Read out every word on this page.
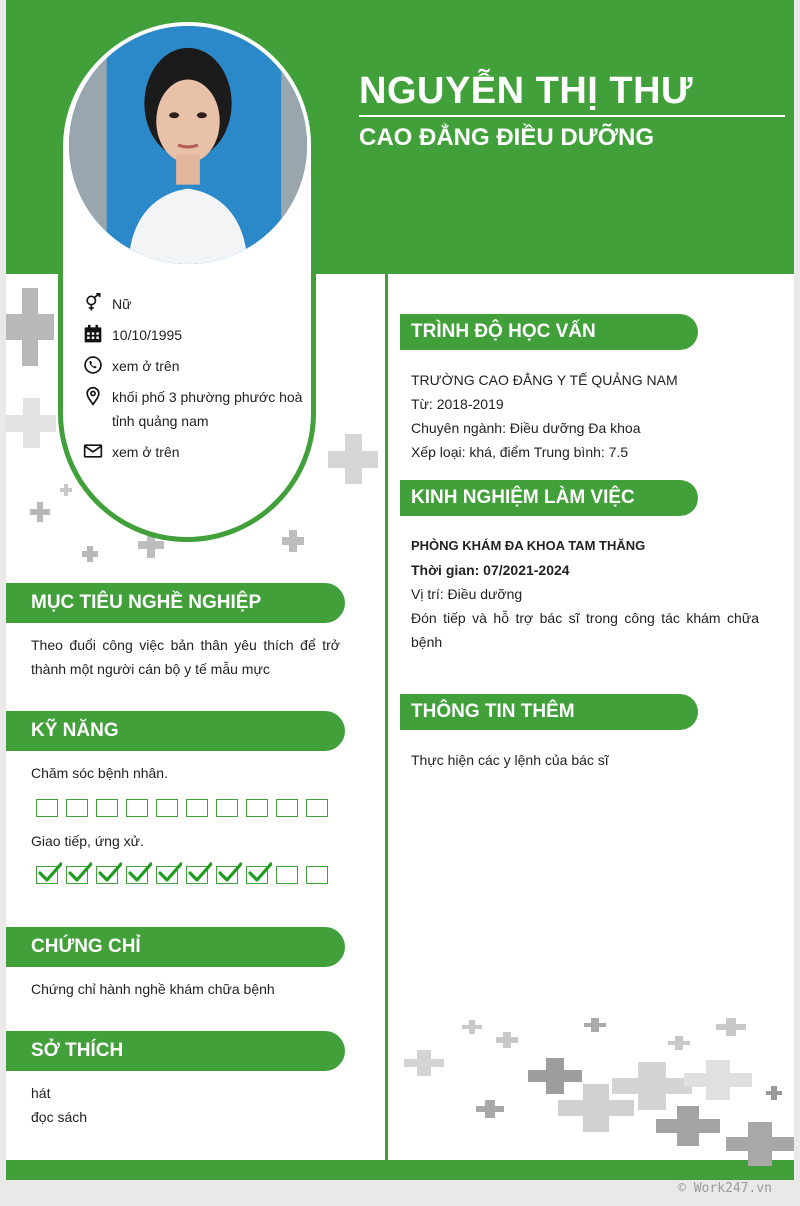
NGUYỄN THỊ THƯ
CAO ĐẲNG ĐIỀU DƯỠNG
Nữ
10/10/1995
xem ở trên
khối phố 3 phường phước hoà tỉnh quảng nam
xem ở trên
MỤC TIÊU NGHỀ NGHIỆP
Theo đuổi công việc bản thân yêu thích để trở thành một người cán bộ y tế mẫu mực
KỸ NĂNG
Chăm sóc bệnh nhân.
Giao tiếp, ứng xử.
CHỨNG CHỈ
Chứng chỉ hành nghề khám chữa bệnh
SỞ THÍCH
hát
đọc sách
TRÌNH ĐỘ HỌC VẤN
TRƯỜNG CAO ĐẲNG Y TẾ QUẢNG NAM
Từ: 2018-2019
Chuyên ngành: Điều dưỡng Đa khoa
Xếp loại: khá, điểm Trung bình: 7.5
KINH NGHIỆM LÀM VIỆC
PHÒNG KHÁM ĐA KHOA TAM THĂNG
Thời gian: 07/2021-2024
Vị trí: Điều dưỡng
Đón tiếp và hỗ trợ bác sĩ trong công tác khám chữa bệnh
THÔNG TIN THÊM
Thực hiện các y lệnh của bác sĩ
© Work247.vn
